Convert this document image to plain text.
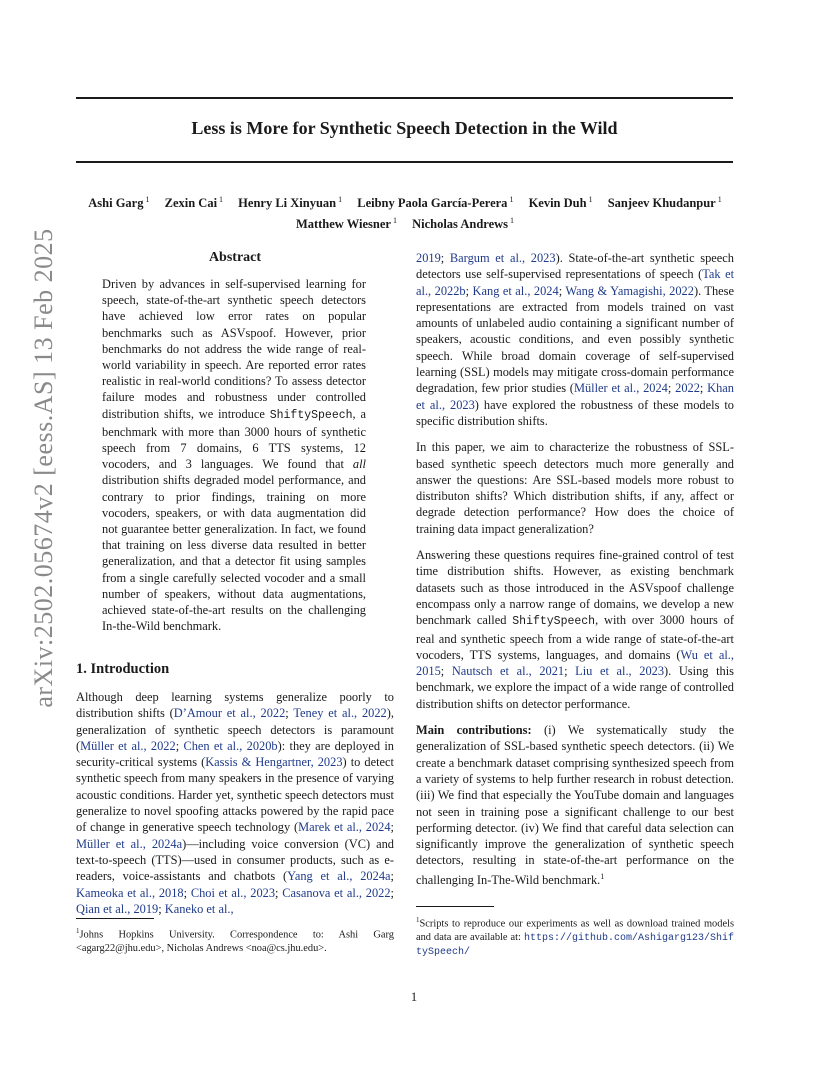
Less is More for Synthetic Speech Detection in the Wild
Ashi Garg $^1$ Zexin Cai $^1$ Henry Li Xinyuan $^1$ Leibny Paola García-Perera $^1$ Kevin Duh $^1$ Sanjeev Khudanpur $^1$
Matthew Wiesner $^1$ Nicholas Andrews $^1$
arXiv:2502.05674v2 [eess.AS] 13 Feb 2025	Abstract
Driven by advances in self-supervised learning for speech, state-of-the-art synthetic speech detectors have achieved low error rates on popular benchmarks such as ASVspoof. However, prior benchmarks do not address the wide range of real-world variability in speech. Are reported error rates realistic in real-world conditions? To assess detector failure modes and robustness under controlled distribution shifts, we introduce ShiftySpeech, a benchmark with more than 3000 hours of synthetic speech from 7 domains, 6 TTS systems, 12 vocoders, and 3 languages. We found that all distribution shifts degraded model performance, and contrary to prior findings, training on more vocoders, speakers, or with data augmentation did not guarantee better generalization. In fact, we found that training on less diverse data resulted in better generalization, and that a detector fit using samples from a single carefully selected vocoder and a small number of speakers, without data augmentations, achieved state-of-the-art results on the challenging In-the-Wild benchmark.
1. Introduction
Although deep learning systems generalize poorly to distribution shifts (D’Amour et al., 2022; Teney et al., 2022), generalization of synthetic speech detectors is paramount (Müller et al., 2022; Chen et al., 2020b): they are deployed in security-critical systems (Kassis & Hengartner, 2023) to detect synthetic speech from many speakers in the presence of varying acoustic conditions. Harder yet, synthetic speech detectors must generalize to novel spoofing attacks powered by the rapid pace of change in generative speech technology (Marek et al., 2024; Müller et al., 2024a)—including voice conversion (VC) and text-to-speech (TTS)—used in consumer products, such as e-readers, voice-assistants and chatbots (Yang et al., 2024a; Kameoka et al., 2018; Choi et al., 2023; Casanova et al., 2022; Qian et al., 2019; Kaneko et al.,

2019; Bargum et al., 2023). State-of-the-art synthetic speech detectors use self-supervised representations of speech (Tak et al., 2022b; Kang et al., 2024; Wang & Yamagishi, 2022). These representations are extracted from models trained on vast amounts of unlabeled audio containing a significant number of speakers, acoustic conditions, and even possibly synthetic speech. While broad domain coverage of self-supervised learning (SSL) models may mitigate cross-domain performance degradation, few prior studies (Müller et al., 2024; 2022; Khan et al., 2023) have explored the robustness of these models to specific distribution shifts.

In this paper, we aim to characterize the robustness of SSL-based synthetic speech detectors much more generally and answer the questions: Are SSL-based models more robust to distributon shifts? Which distribution shifts, if any, affect or degrade detection performance? How does the choice of training data impact generalization?

Answering these questions requires fine-grained control of test time distribution shifts. However, as existing benchmark datasets such as those introduced in the ASVspoof challenge encompass only a narrow range of domains, we develop a new benchmark called ShiftySpeech, with over 3000 hours of real and synthetic speech from a wide range of state-of-the-art vocoders, TTS systems, languages, and domains (Wu et al., 2015; Nautsch et al., 2021; Liu et al., 2023). Using this benchmark, we explore the impact of a wide range of controlled distribution shifts on detector performance.

Main contributions: (i) We systematically study the generalization of SSL-based synthetic speech detectors. (ii) We create a benchmark dataset comprising synthesized speech from a variety of systems to help further research in robust detection. (iii) We find that especially the YouTube domain and languages not seen in training pose a significant challenge to our best performing detector. (iv) We find that careful data selection can significantly improve the generalization of synthetic speech detectors, resulting in state-of-the-art performance on the challenging In-The-Wild benchmark.$^1$

$^1$Johns Hopkins University. Correspondence to: Ashi Garg <agarg22@jhu.edu>, Nicholas Andrews <noa@cs.jhu.edu>.
$^1$Scripts to reproduce our experiments as well as download trained models and data are available at: https://github.com/Ashigarg123/ShiftySpeech/
1
